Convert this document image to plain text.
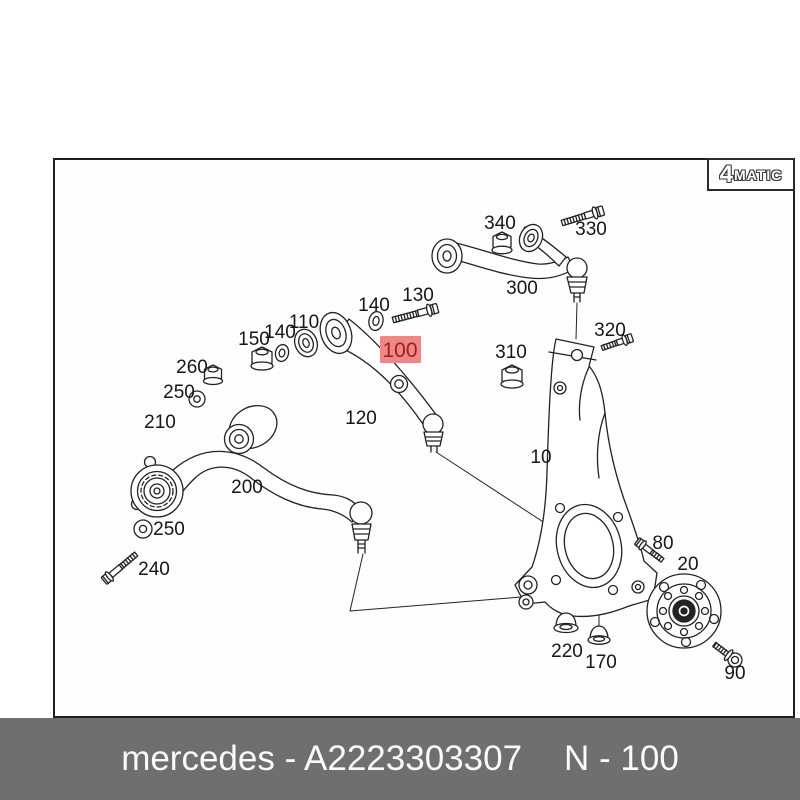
4 MATIC
340	330
300
140 130
110
140
150	100	310
320
260
250
120
210
10
200
250
80
20
240
220
170
90
mercedes - A2223303307 N - 100
